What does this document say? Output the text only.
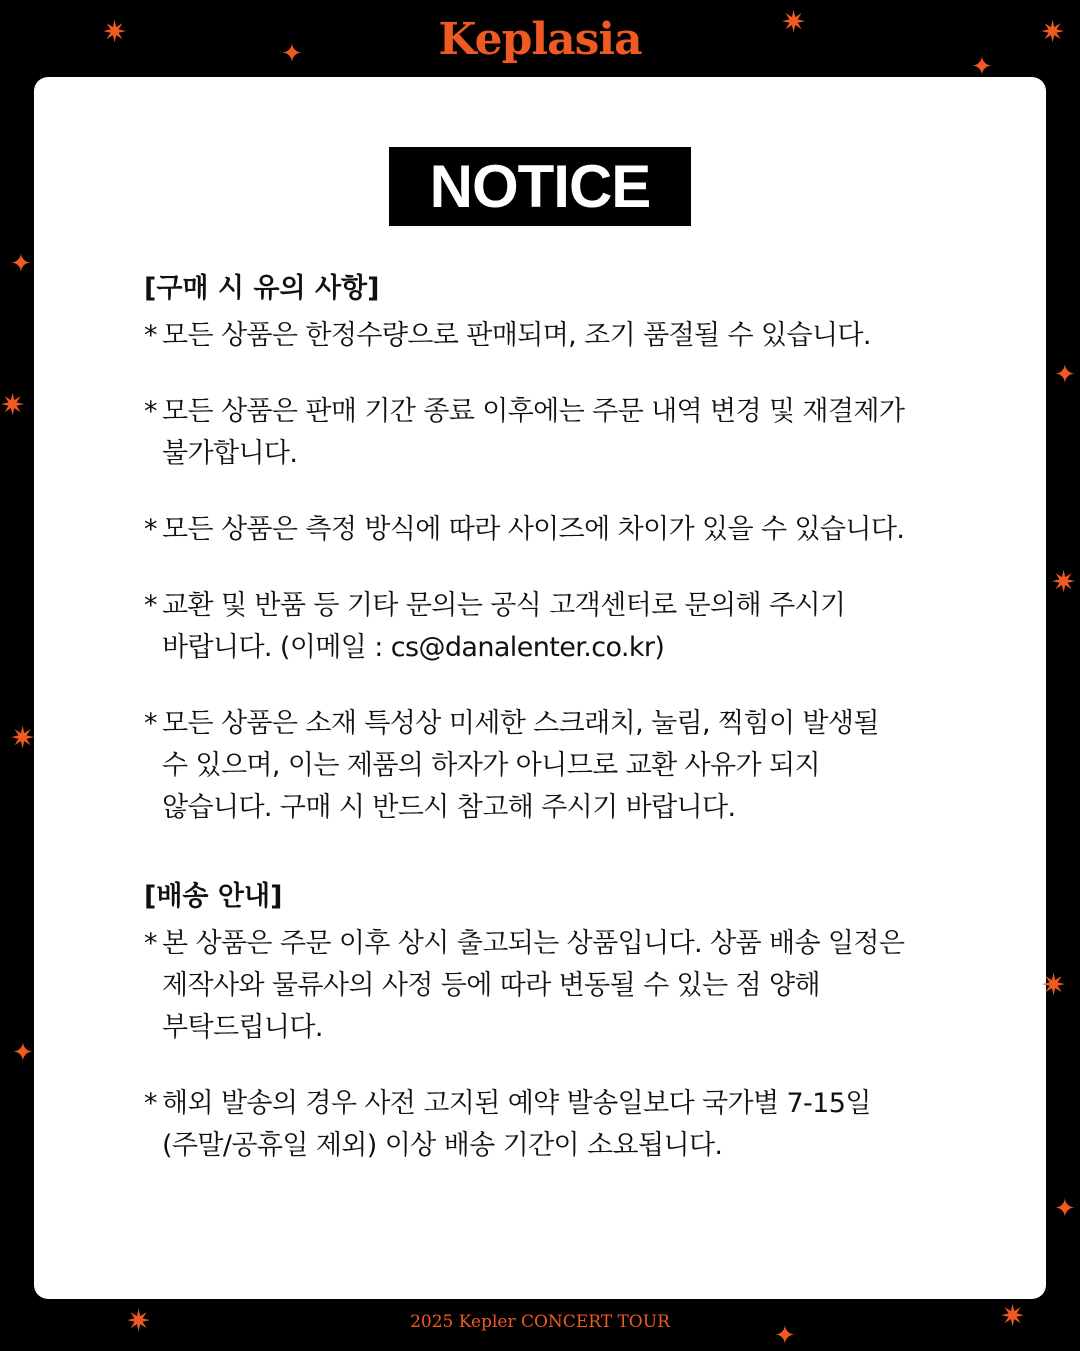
Keplasia
NOTICE
[구매 시 유의 사항]
* 모든 상품은 한정수량으로 판매되며, 조기 품절될 수 있습니다.
* 모든 상품은 판매 기간 종료 이후에는 주문 내역 변경 및 재결제가
불가합니다.
* 모든 상품은 측정 방식에 따라 사이즈에 차이가 있을 수 있습니다.
* 교환 및 반품 등 기타 문의는 공식 고객센터로 문의해 주시기
바랍니다. (이메일 : cs@danalenter.co.kr)
* 모든 상품은 소재 특성상 미세한 스크래치, 눌림, 찍힘이 발생될
수 있으며, 이는 제품의 하자가 아니므로 교환 사유가 되지
않습니다. 구매 시 반드시 참고해 주시기 바랍니다.
[배송 안내]
* 본 상품은 주문 이후 상시 출고되는 상품입니다. 상품 배송 일정은
제작사와 물류사의 사정 등에 따라 변동될 수 있는 점 양해
부탁드립니다.
* 해외 발송의 경우 사전 고지된 예약 발송일보다 국가별 7-15일
(주말/공휴일 제외) 이상 배송 기간이 소요됩니다.
2025 Kepler CONCERT TOUR
✷
✦
✷	✷
✦
✦
✷
✦
✷
✷
✷
✦
✦
✷	✦
✷
